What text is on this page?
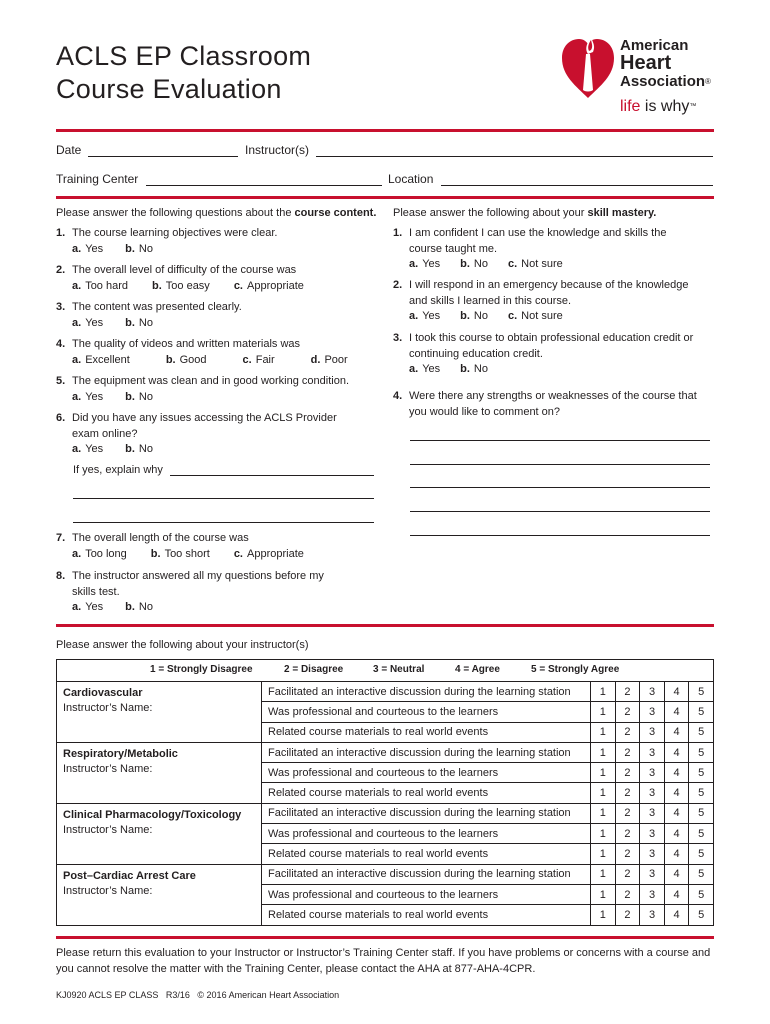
ACLS EP Classroom
Course Evaluation
American
Heart
Association®
life is why™
Date	Instructor(s)
Training Center	Location
Please answer the following questions about the course content.
1. The course learning objectives were clear.
a. Yes b. No
2. The overall level of difficulty of the course was
a. Too hard b. Too easy c. Appropriate
3. The content was presented clearly.
a. Yes b. No
4. The quality of videos and written materials was
a. Excellent	b. Good	c. Fair	d. Poor
5. The equipment was clean and in good working condition.
a. Yes b. No
6. Did you have any issues accessing the ACLS Provider
exam online?
a. Yes b. No
7. The overall length of the course was
a. Too long b. Too short c. Appropriate
8. The instructor answered all my questions before my
skills test.
a. Yes b. No
If yes, explain why
Please answer the following about your skill mastery.
1. I am confident I can use the knowledge and skills the
course taught me.
a. Yes b. No c. Not sure
2. I will respond in an emergency because of the knowledge
and skills I learned in this course.
a. Yes b. No c. Not sure
3. I took this course to obtain professional education credit or
continuing education credit.
a. Yes b. No
4. Were there any strengths or weaknesses of the course that
you would like to comment on?
Please answer the following about your instructor(s)
1 = Strongly Disagree	2 = Disagree	3 = Neutral	4 = Agree	5 = Strongly Agree
Cardiovascular
Instructor’s Name:	Facilitated an interactive discussion during the learning station	1	2	3	4	5
	Was professional and courteous to the learners	1	2	3	4	5
	Related course materials to real world events	1	2	3	4	5

Respiratory/Metabolic
Instructor’s Name:	Facilitated an interactive discussion during the learning station	1	2	3	4	5
	Was professional and courteous to the learners	1	2	3	4	5
	Related course materials to real world events	1	2	3	4	5

Clinical Pharmacology/Toxicology
Instructor’s Name:	Facilitated an interactive discussion during the learning station	1	2	3	4	5
	Was professional and courteous to the learners	1	2	3	4	5
	Related course materials to real world events	1	2	3	4	5

Post–Cardiac Arrest Care
Instructor’s Name:	Facilitated an interactive discussion during the learning station	1	2	3	4	5
	Was professional and courteous to the learners	1	2	3	4	5
	Related course materials to real world events	1	2	3	4	5
Please return this evaluation to your Instructor or Instructor’s Training Center staff. If you have problems or concerns with a course and you cannot resolve the matter with the Training Center, please contact the AHA at 877-AHA-4CPR.
KJ0920 ACLS EP CLASS   R3/16   © 2016 American Heart Association
